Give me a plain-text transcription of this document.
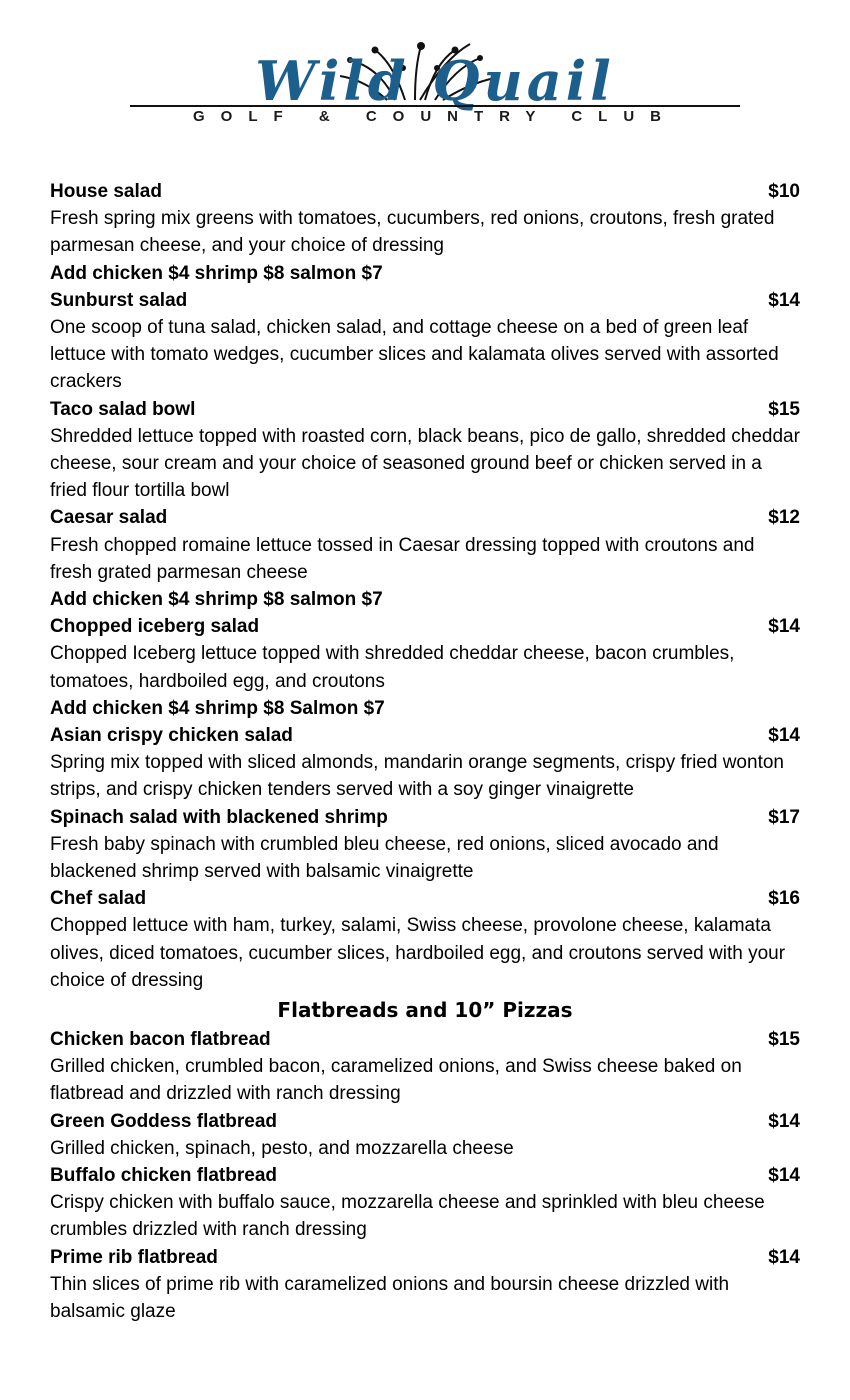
Wild Quail
GOLF & COUNTRY CLUB
House salad	$10
Fresh spring mix greens with tomatoes, cucumbers, red onions, croutons, fresh grated parmesan cheese, and your choice of dressing
Add chicken $4 shrimp $8 salmon $7
Sunburst salad	$14
One scoop of tuna salad, chicken salad, and cottage cheese on a bed of green leaf lettuce with tomato wedges, cucumber slices and kalamata olives served with assorted crackers
Taco salad bowl	$15
Shredded lettuce topped with roasted corn, black beans, pico de gallo, shredded cheddar cheese, sour cream and your choice of seasoned ground beef or chicken served in a fried flour tortilla bowl
Caesar salad	$12
Fresh chopped romaine lettuce tossed in Caesar dressing topped with croutons and fresh grated parmesan cheese
Add chicken $4 shrimp $8 salmon $7
Chopped iceberg salad	$14
Chopped Iceberg lettuce topped with shredded cheddar cheese, bacon crumbles, tomatoes, hardboiled egg, and croutons
Add chicken $4 shrimp $8 Salmon $7
Asian crispy chicken salad	$14
Spring mix topped with sliced almonds, mandarin orange segments, crispy fried wonton strips, and crispy chicken tenders served with a soy ginger vinaigrette
Spinach salad with blackened shrimp	$17
Fresh baby spinach with crumbled bleu cheese, red onions, sliced avocado and blackened shrimp served with balsamic vinaigrette
Chef salad	$16
Chopped lettuce with ham, turkey, salami, Swiss cheese, provolone cheese, kalamata olives, diced tomatoes, cucumber slices, hardboiled egg, and croutons served with your choice of dressing
Flatbreads and 10” Pizzas
Chicken bacon flatbread	$15
Grilled chicken, crumbled bacon, caramelized onions, and Swiss cheese baked on flatbread and drizzled with ranch dressing
Green Goddess flatbread	$14
Grilled chicken, spinach, pesto, and mozzarella cheese
Buffalo chicken flatbread	$14
Crispy chicken with buffalo sauce, mozzarella cheese and sprinkled with bleu cheese crumbles drizzled with ranch dressing
Prime rib flatbread	$14
Thin slices of prime rib with caramelized onions and boursin cheese drizzled with balsamic glaze
